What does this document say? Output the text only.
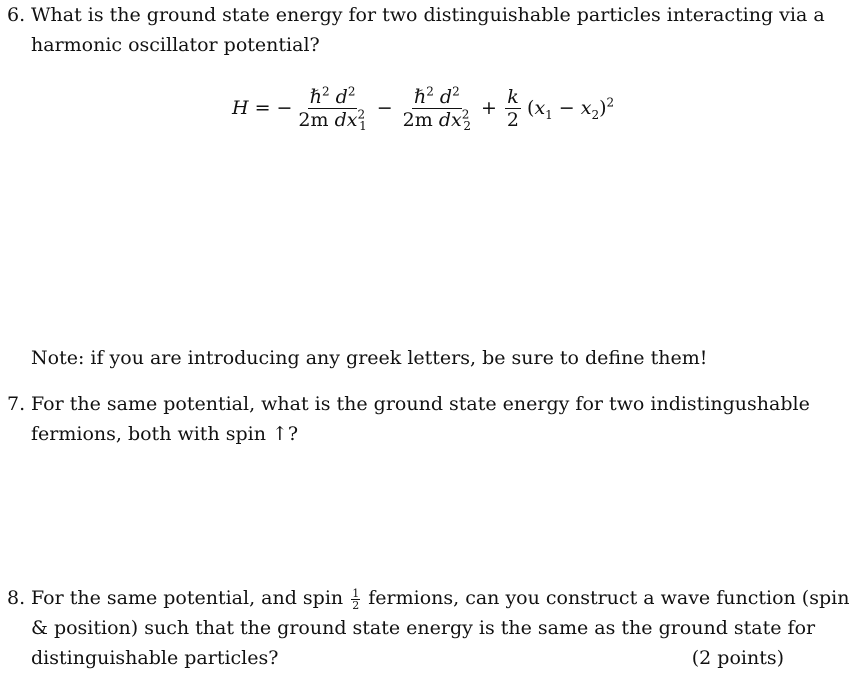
6. What is the ground state energy for two distinguishable particles interacting via a
harmonic oscillator potential?
H = − $\frac{\hbar^2 d^2}{2m dx^2_1} - \frac{\hbar^2 d^2}{2m dx^2_2} + \frac{k}{2} (x_1 - x_2)^2$
Note: if you are introducing any greek letters, be sure to define them!
7. For the same potential, what is the ground state energy for two indistingushable
fermions, both with spin ↑?
8. For the same potential, and spin $\frac{1}{2}$ fermions, can you construct a wave function (spin
& position) such that the ground state energy is the same as the ground state for
distinguishable particles?	(2 points)
